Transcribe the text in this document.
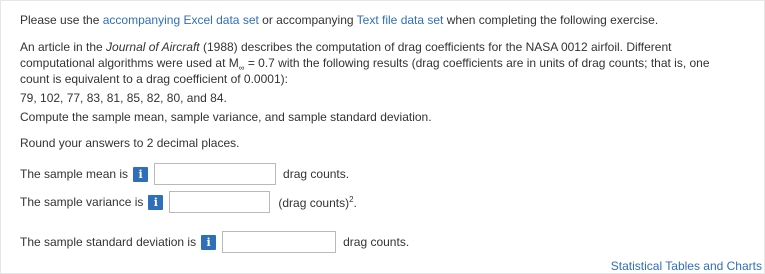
Please use the accompanying Excel data set or accompanying Text file data set when completing the following exercise.

An article in the Journal of Aircraft (1988) describes the computation of drag coefficients for the NASA 0012 airfoil. Different

computational algorithms were used at $M_\infty = 0.7$ with the following results (drag coefficients are in units of drag counts; that is, one

count is equivalent to a drag coefficient of 0.0001):

79, 102, 77, 83, 81, 85, 82, 80, and 84.

Compute the sample mean, sample variance, and sample standard deviation.

Round your answers to 2 decimal places.

The sample mean is i	drag counts.
The sample variance is i	(drag counts)$^2$.
The sample standard deviation is i	drag counts.
Statistical Tables and Charts
